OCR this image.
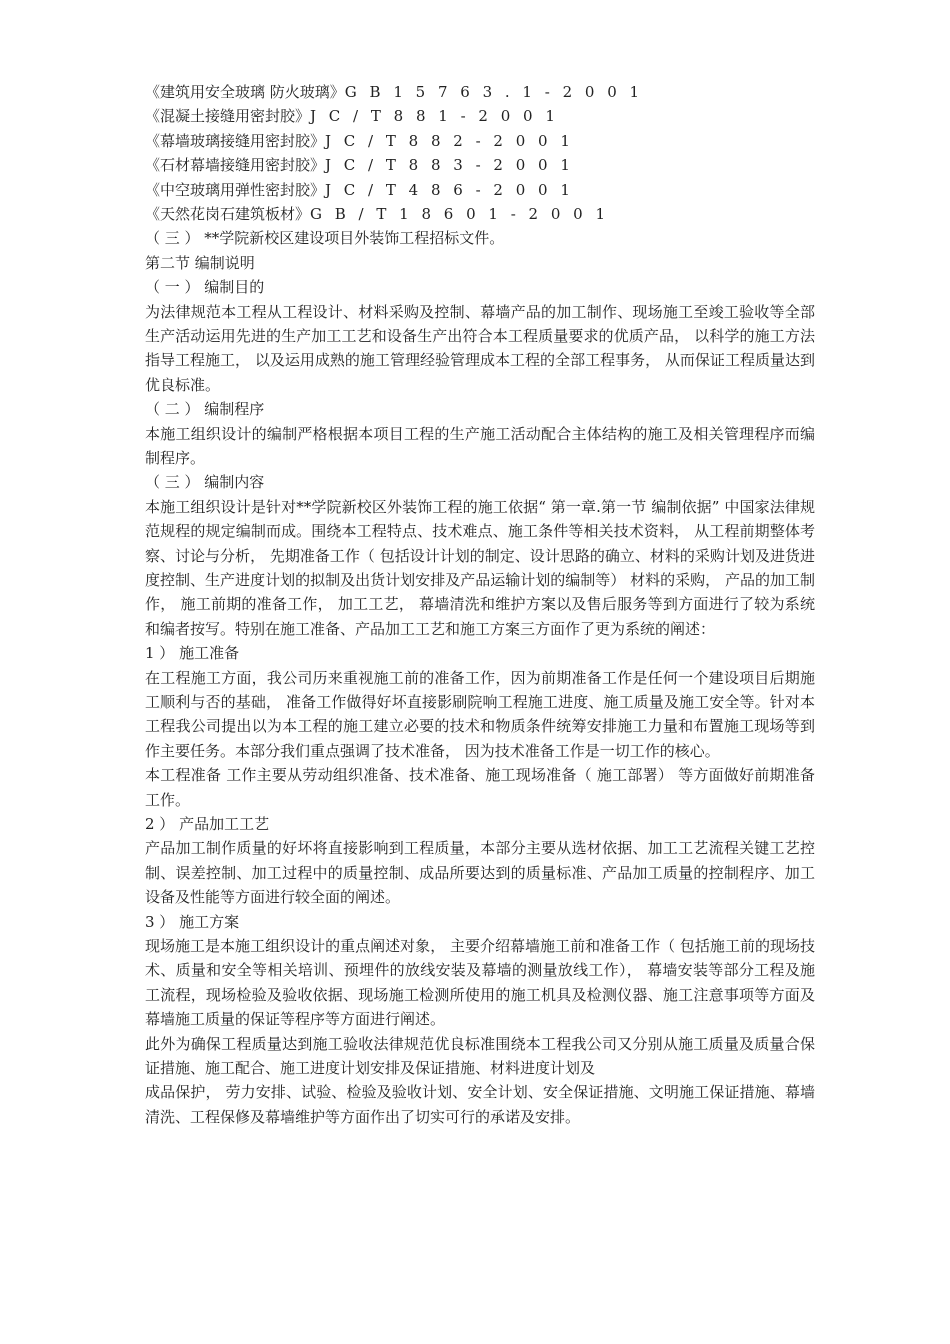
《建筑用安全玻璃 防火玻璃》G B 1 5 7 6 3 . 1 - 2 0 0 1
《混凝土接缝用密封胶》J C / T 8 8 1 - 2 0 0 1
《幕墙玻璃接缝用密封胶》J C / T 8 8 2 - 2 0 0 1
《石材幕墙接缝用密封胶》J C / T 8 8 3 - 2 0 0 1
《中空玻璃用弹性密封胶》J C / T 4 8 6 - 2 0 0 1
《天然花岗石建筑板材》G B / T 1 8 6 0 1 - 2 0 0 1
（ 三 ） **学院新校区建设项目外装饰工程招标文件。
第二节 编制说明
（ 一 ） 编制目的
为法律规范本工程从工程设计、材料采购及控制、幕墙产品的加工制作、现场施工至竣工验收等全部生产活动运用先进的生产加工工艺和设备生产出符合本工程质量要求的优质产品， 以科学的施工方法指导工程施工， 以及运用成熟的施工管理经验管理成本工程的全部工程事务， 从而保证工程质量达到优良标准。
（ 二 ） 编制程序
本施工组织设计的编制严格根据本项目工程的生产施工活动配合主体结构的施工及相关管理程序而编制程序。
（ 三 ） 编制内容
本施工组织设计是针对**学院新校区外装饰工程的施工依据“ 第一章.第一节 编制依据” 中国家法律规范规程的规定编制而成。围绕本工程特点、技术难点、施工条件等相关技术资料， 从工程前期整体考察、讨论与分析， 先期准备工作（ 包括设计计划的制定、设计思路的确立、材料的采购计划及进货进度控制、生产进度计划的拟制及出货计划安排及产品运输计划的编制等） 材料的采购， 产品的加工制作， 施工前期的准备工作， 加工工艺， 幕墙清洗和维护方案以及售后服务等到方面进行了较为系统和编者按写。特别在施工准备、产品加工工艺和施工方案三方面作了更为系统的阐述：
1 ） 施工准备
在工程施工方面，我公司历来重视施工前的准备工作，因为前期准备工作是任何一个建设项目后期施工顺利与否的基础， 准备工作做得好坏直接影刷院响工程施工进度、施工质量及施工安全等。针对本工程我公司提出以为本工程的施工建立必要的技术和物质条件统筹安排施工力量和布置施工现场等到作主要任务。本部分我们重点强调了技术准备， 因为技术准备工作是一切工作的核心。
本工程准备 工作主要从劳动组织准备、技术准备、施工现场准备（ 施工部署） 等方面做好前期准备工作。
2 ） 产品加工工艺
产品加工制作质量的好坏将直接影响到工程质量，本部分主要从选材依据、加工工艺流程关键工艺控制、误差控制、加工过程中的质量控制、成品所要达到的质量标准、产品加工质量的控制程序、加工设备及性能等方面进行较全面的阐述。
3 ） 施工方案
现场施工是本施工组织设计的重点阐述对象， 主要介绍幕墙施工前和准备工作（ 包括施工前的现场技术、质量和安全等相关培训、预埋件的放线安装及幕墙的测量放线工作）， 幕墙安装等部分工程及施工流程，现场检验及验收依据、现场施工检测所使用的施工机具及检测仪器、施工注意事项等方面及幕墙施工质量的保证等程序等方面进行阐述。
此外为确保工程质量达到施工验收法律规范优良标准围绕本工程我公司又分别从施工质量及质量合保证措施、施工配合、施工进度计划安排及保证措施、材料进度计划及
成品保护， 劳力安排、试验、检验及验收计划、安全计划、安全保证措施、文明施工保证措施、幕墙清洗、工程保修及幕墙维护等方面作出了切实可行的承诺及安排。
